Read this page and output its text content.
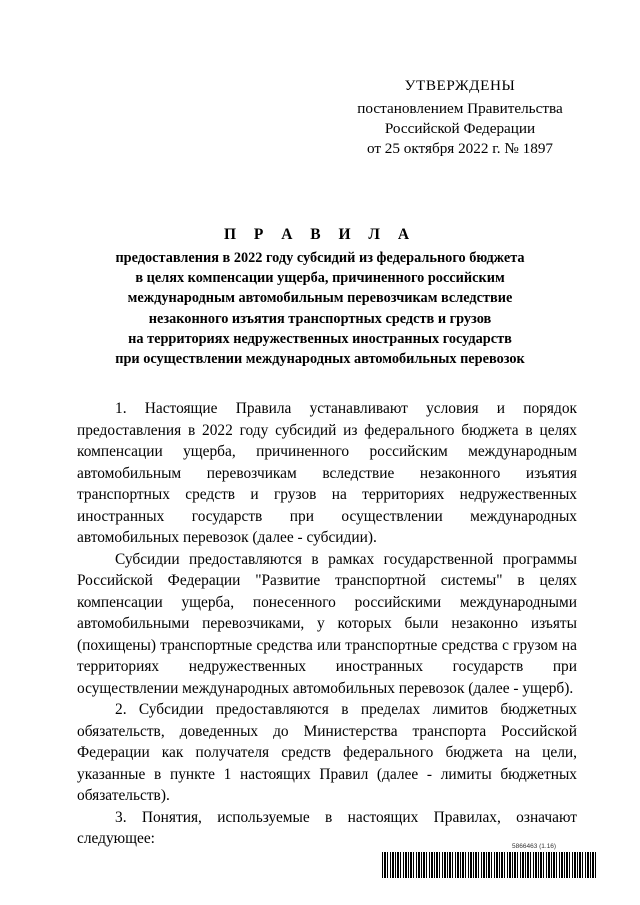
УТВЕРЖДЕНЫ
постановлением Правительства
Российской Федерации
от 25 октября 2022 г. № 1897
П Р А В И Л А
предоставления в 2022 году субсидий из федерального бюджета
в целях компенсации ущерба, причиненного российским
международным автомобильным перевозчикам вследствие
незаконного изъятия транспортных средств и грузов
на территориях недружественных иностранных государств
при осуществлении международных автомобильных перевозок

1. Настоящие Правила устанавливают условия и порядок предоставления в 2022 году субсидий из федерального бюджета в целях компенсации ущерба, причиненного российским международным автомобильным перевозчикам вследствие незаконного изъятия транспортных средств и грузов на территориях недружественных иностранных государств при осуществлении международных автомобильных перевозок (далее - субсидии).

Субсидии предоставляются в рамках государственной программы Российской Федерации "Развитие транспортной системы" в целях компенсации ущерба, понесенного российскими международными автомобильными перевозчиками, у которых были незаконно изъяты (похищены) транспортные средства или транспортные средства с грузом на территориях недружественных иностранных государств при осуществлении международных автомобильных перевозок (далее - ущерб).

2. Субсидии предоставляются в пределах лимитов бюджетных обязательств, доведенных до Министерства транспорта Российской Федерации как получателя средств федерального бюджета на цели, указанные в пункте 1 настоящих Правил (далее - лимиты бюджетных обязательств).

3. Понятия, используемые в настоящих Правилах, означают следующее:	5866463 (1.16)
